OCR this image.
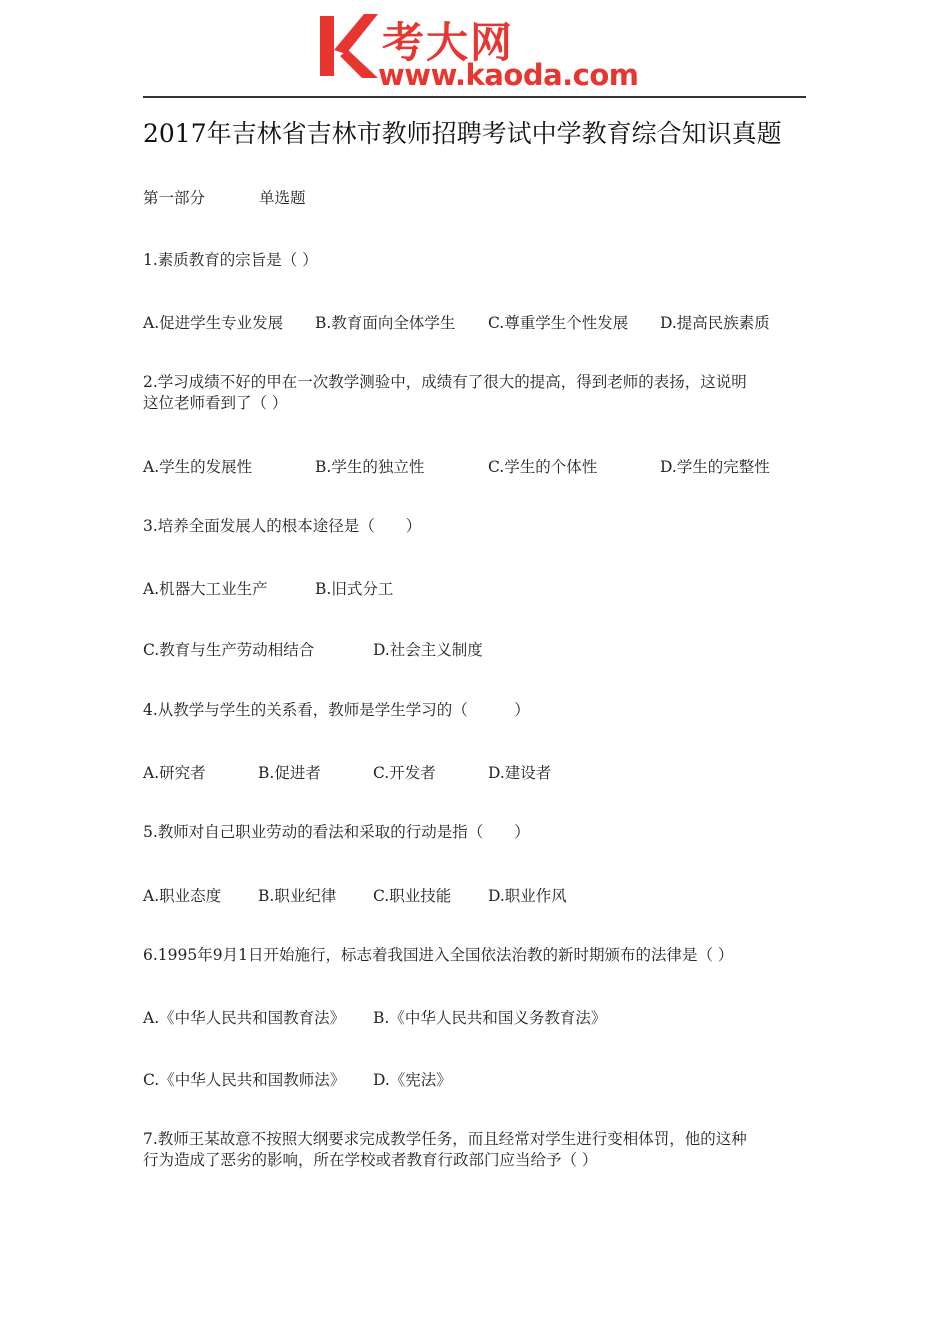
考大网
www.kaoda.com
2017年吉林省吉林市教师招聘考试中学教育综合知识真题
第一部分	单选题
1.素质教育的宗旨是（ ）
A.促进学生专业发展 B.教育面向全体学生 C.尊重学生个性发展 D.提高民族素质
2.学习成绩不好的甲在一次教学测验中，成绩有了很大的提高，得到老师的表扬，这说明
这位老师看到了（ ）
A.学生的发展性	B.学生的独立性	C.学生的个体性	D.学生的完整性
3.培养全面发展人的根本途径是（　　）
A.机器大工业生产	B.旧式分工
C.教育与生产劳动相结合	D.社会主义制度
4.从教学与学生的关系看，教师是学生学习的（　　　）
A.研究者	B.促进者	C.开发者	D.建设者
5.教师对自己职业劳动的看法和采取的行动是指（　　）
A.职业态度 B.职业纪律 C.职业技能 D.职业作风
6.1995年9月1日开始施行，标志着我国进入全国依法治教的新时期颁布的法律是（ ）
A.《中华人民共和国教育法》 B.《中华人民共和国义务教育法》
C.《中华人民共和国教师法》 D.《宪法》
7.教师王某故意不按照大纲要求完成教学任务，而且经常对学生进行变相体罚，他的这种
行为造成了恶劣的影响，所在学校或者教育行政部门应当给予（ ）
